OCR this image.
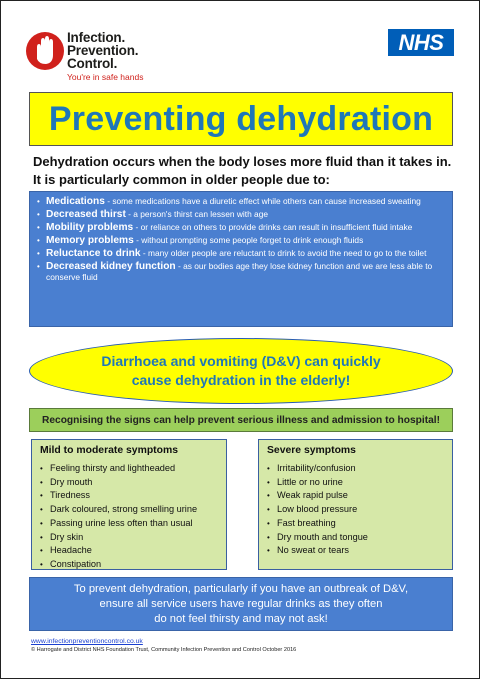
Infection.
Prevention.
Control.
You're in safe hands
NHS
Preventing dehydration
Dehydration occurs when the body loses more fluid than it takes in.
It is particularly common in older people due to:
• Medications - some medications have a diuretic effect while others can cause increased sweating
• Decreased thirst - a person's thirst can lessen with age
• Mobility problems - or reliance on others to provide drinks can result in insufficient fluid intake
• Memory problems - without prompting some people forget to drink enough fluids
• Reluctance to drink - many older people are reluctant to drink to avoid the need to go to the toilet
• Decreased kidney function - as our bodies age they lose kidney function and we are less able to conserve fluid
Diarrhoea and vomiting (D&V) can quickly
cause dehydration in the elderly!
Recognising the signs can help prevent serious illness and admission to hospital!
Mild to moderate symptoms
• Feeling thirsty and lightheaded
• Dry mouth
• Tiredness
• Dark coloured, strong smelling urine
• Passing urine less often than usual
• Dry skin
• Headache
• Constipation
Severe symptoms
• Irritability/confusion
• Little or no urine
• Weak rapid pulse
• Low blood pressure
• Fast breathing
• Dry mouth and tongue
• No sweat or tears
To prevent dehydration, particularly if you have an outbreak of D&V,
ensure all service users have regular drinks as they often
do not feel thirsty and may not ask!
www.infectionpreventioncontrol.co.uk
© Harrogate and District NHS Foundation Trust, Community Infection Prevention and Control October 2016
